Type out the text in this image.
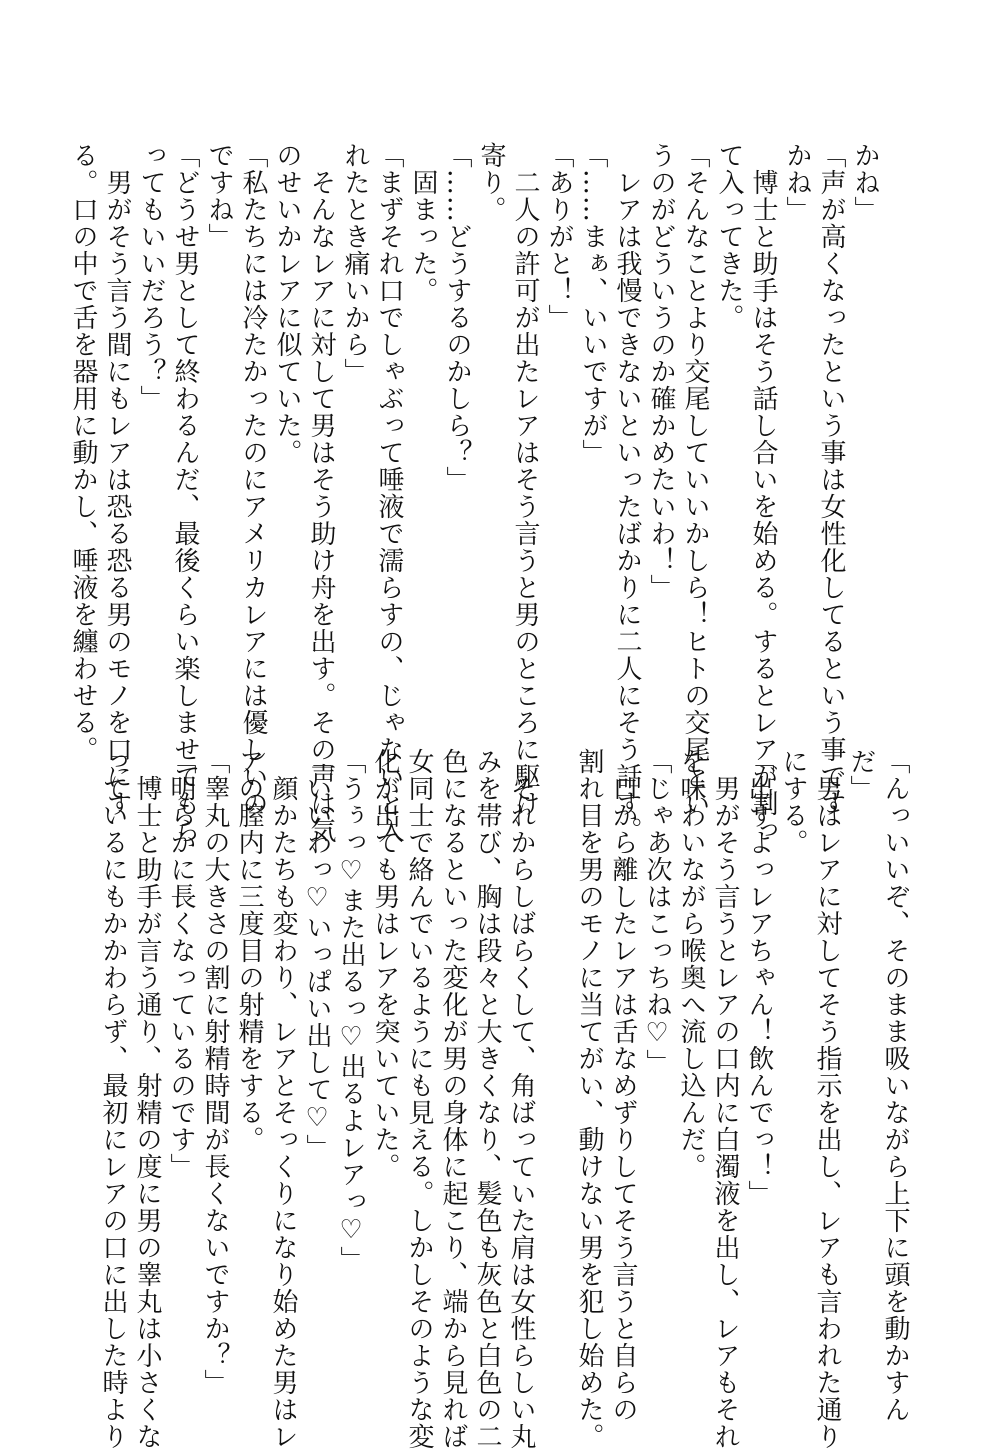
かね」
「声が高くなったという事は女性化してるという事です
かね」
　博士と助手はそう話し合いを始める。するとレアが割っ
て入ってきた。
「そんなことより交尾していいかしら！ヒトの交尾とい
うのがどういうのか確かめたいわ！」
　レアは我慢できないといったばかりに二人にそう話す。
「……まぁ、いいですが」
「ありがと！」
　二人の許可が出たレアはそう言うと男のところに駆け
寄り。
「……どうするのかしら？」
　固まった。
「まずそれ口でしゃぶって唾液で濡らすの、じゃないと入
れたとき痛いから」
　そんなレアに対して男はそう助け舟を出す。その声は気
のせいかレアに似ていた。
「私たちには冷たかったのにアメリカレアには優しいの
ですね」
「どうせ男として終わるんだ、最後くらい楽しませてもら
ってもいいだろう？」
　男がそう言う間にもレアは恐る恐る男のモノを口にす
る。口の中で舌を器用に動かし、唾液を纏わせる。
「んっいいぞ、そのまま吸いながら上下に頭を動かすん
だ」
　男はレアに対してそう指示を出し、レアも言われた通り
にする。
「出すよっレアちゃん！飲んでっ！」
　男がそう言うとレアの口内に白濁液を出し、レアもそれ
を味わいながら喉奥へ流し込んだ。
「じゃあ次はこっちね♡」
　口から離したレアは舌なめずりしてそう言うと自らの
割れ目を男のモノに当てがい、動けない男を犯し始めた。

　それからしばらくして、角ばっていた肩は女性らしい丸
みを帯び、胸は段々と大きくなり、髪色も灰色と白色の二
色になるといった変化が男の身体に起こり、端から見れば
女同士で絡んでいるようにも見える。しかしそのような変
化が出ても男はレアを突いていた。
「うぅっ♡また出るっ♡出るよレアっ♡」
「いいわっ♡いっぱい出して♡」
　顔かたちも変わり、レアとそっくりになり始めた男はレ
アの膣内に三度目の射精をする。
「睾丸の大きさの割に射精時間が長くないですか？」
「明らかに長くなっているのです」
　博士と助手が言う通り、射精の度に男の睾丸は小さくな
っているにもかかわらず、最初にレアの口に出した時より
